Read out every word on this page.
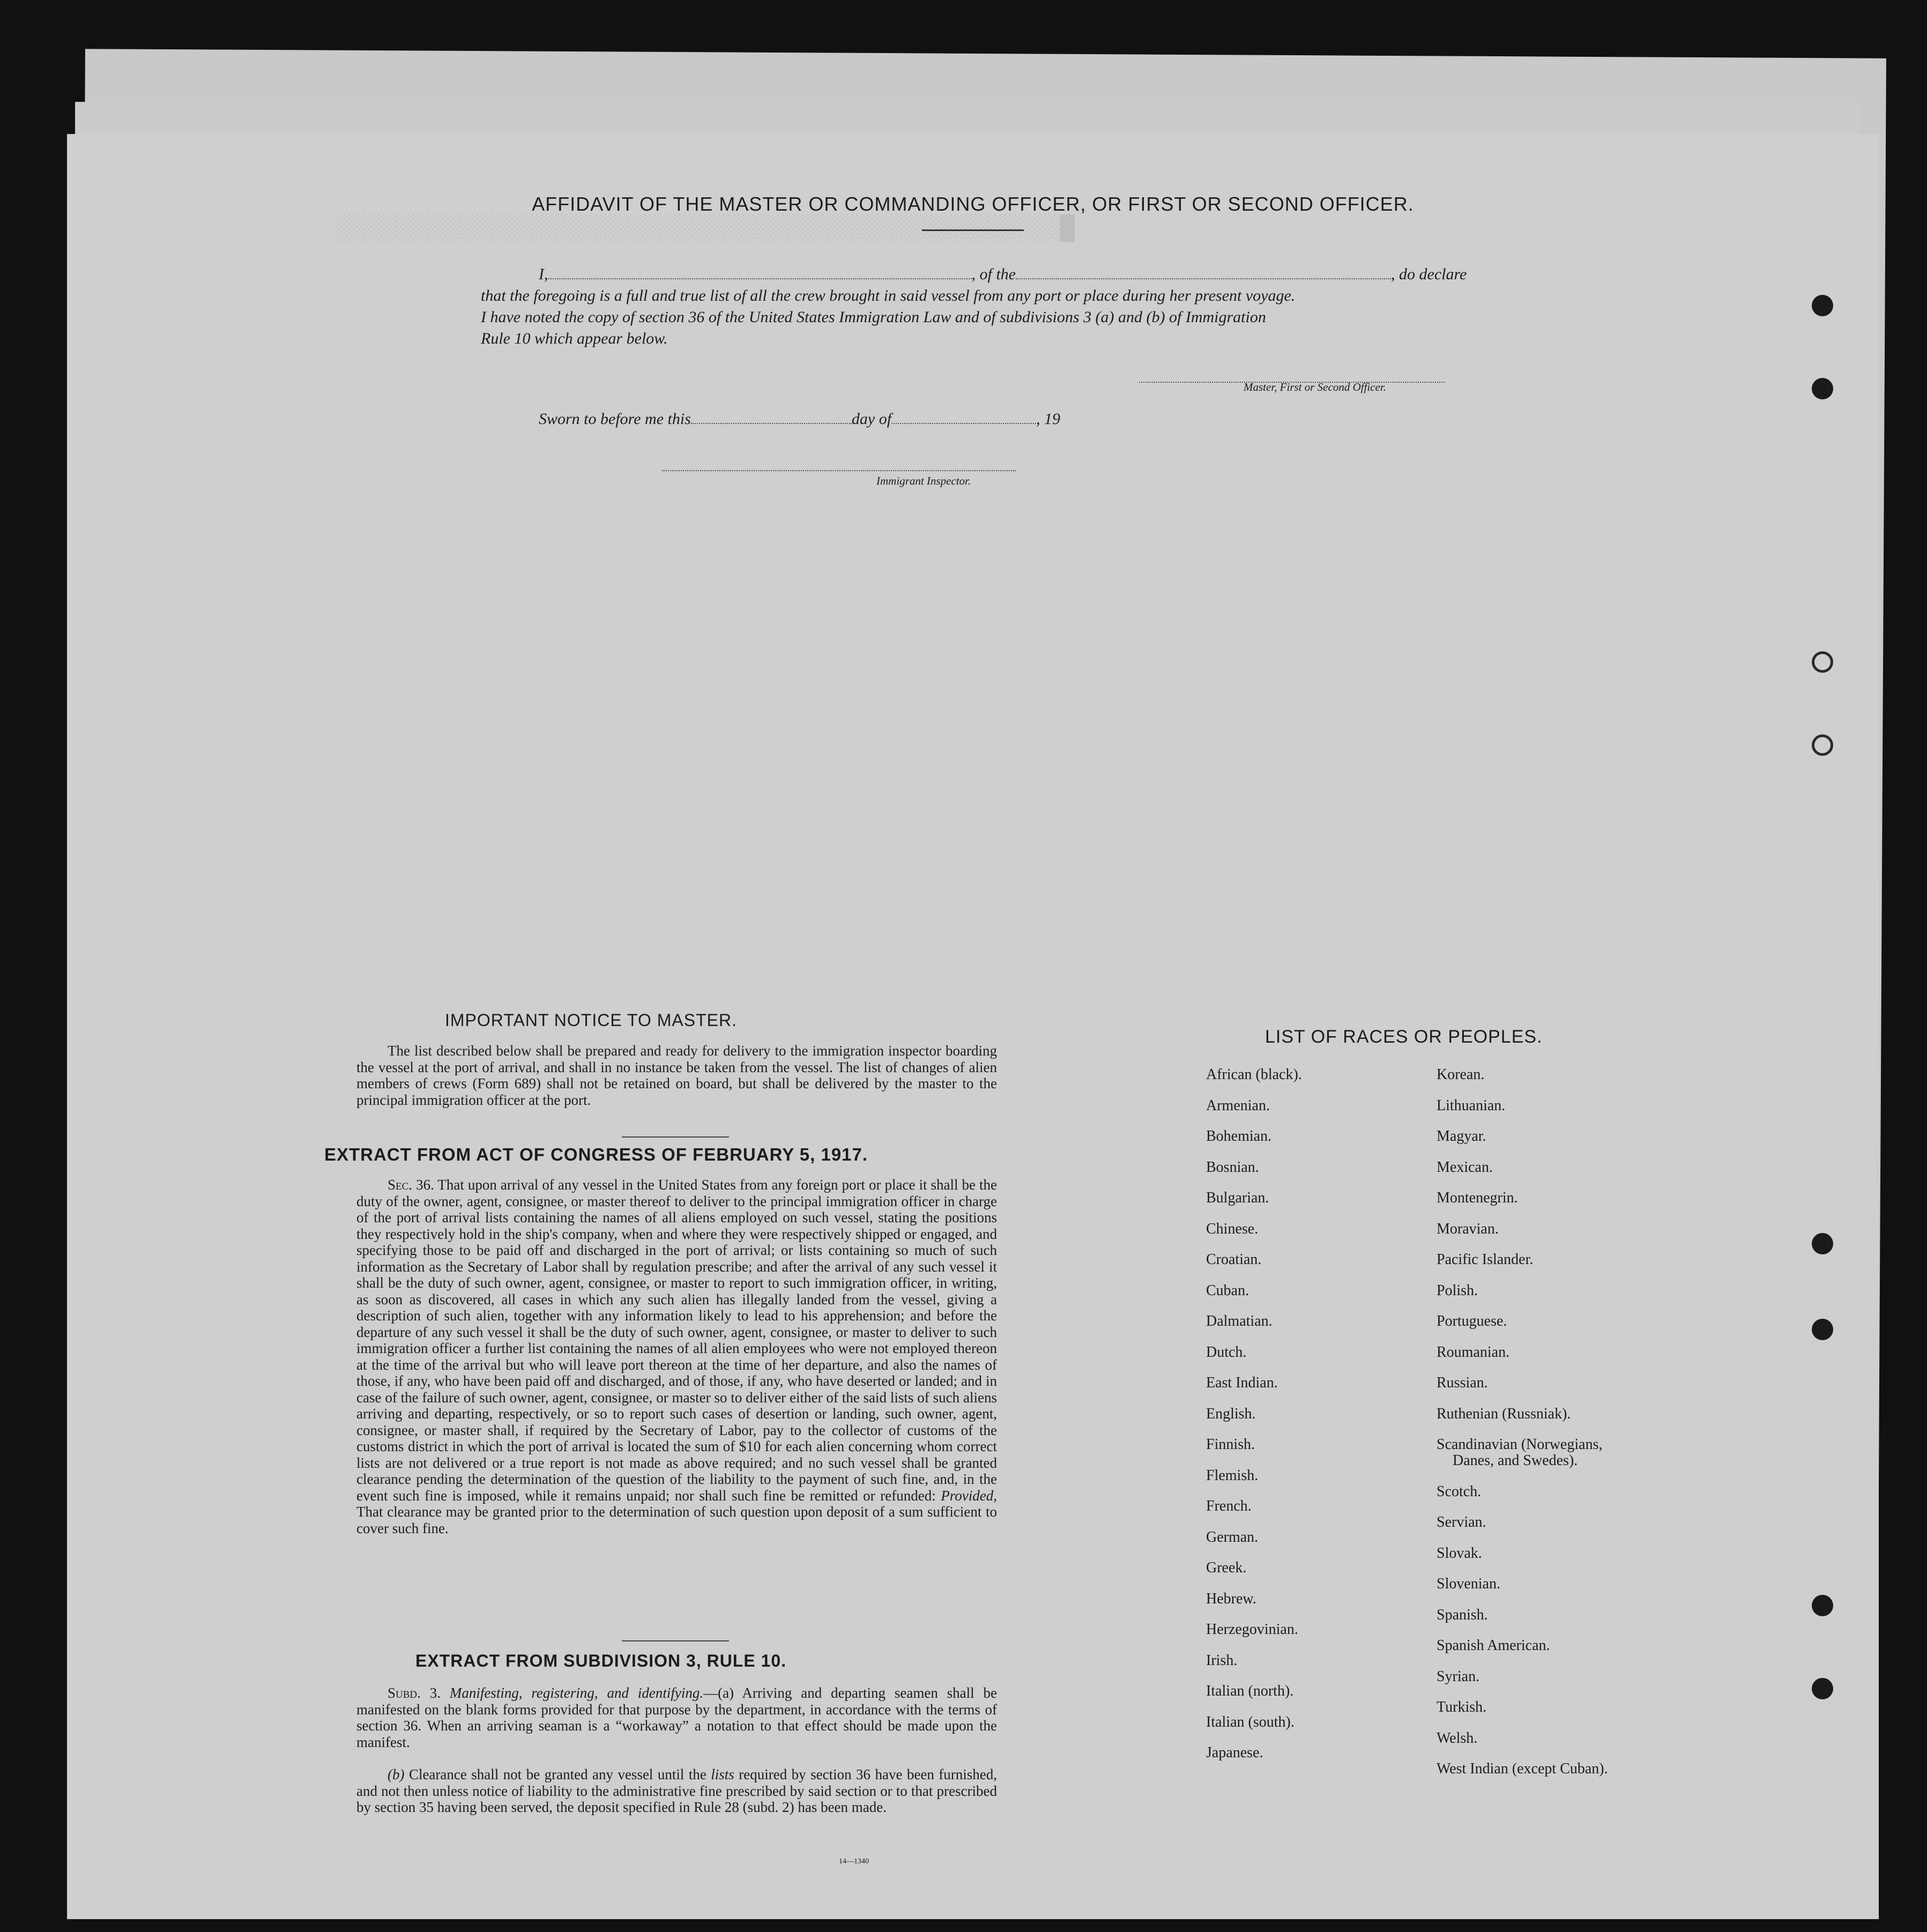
█░░░░░░░░░░░░░░░░░░░░░░░░░░░░░░░░░░░░░░░░░░░░░░░░░
AFFIDAVIT OF THE MASTER OR COMMANDING OFFICER, OR FIRST OR SECOND OFFICER.
I,	, of the	, do declare
that the foregoing is a full and true list of all the crew brought in said vessel from any port or place during her present voyage.
I have noted the copy of section 36 of the United States Immigration Law and of subdivisions 3 (a) and (b) of Immigration
Rule 10 which appear below.
Master, First or Second Officer.
Sworn to before me this	day of	, 19
Immigrant Inspector.
IMPORTANT NOTICE TO MASTER.
The list described below shall be prepared and ready for delivery to the immigration inspector boarding the vessel at the port of arrival, and shall in no instance be taken from the vessel. The list of changes of alien members of crews (Form 689) shall not be retained on board, but shall be delivered by the master to the principal immigration officer at the port.
EXTRACT FROM ACT OF CONGRESS OF FEBRUARY 5, 1917.
Sec. 36. That upon arrival of any vessel in the United States from any foreign port or place it shall be the duty of the owner, agent, consignee, or master thereof to deliver to the principal immigration officer in charge of the port of arrival lists containing the names of all aliens employed on such vessel, stating the positions they respectively hold in the ship's company, when and where they were respectively shipped or engaged, and specifying those to be paid off and discharged in the port of arrival; or lists containing so much of such information as the Secretary of Labor shall by regulation prescribe; and after the arrival of any such vessel it shall be the duty of such owner, agent, consignee, or master to report to such immigration officer, in writing, as soon as discovered, all cases in which any such alien has illegally landed from the vessel, giving a description of such alien, together with any information likely to lead to his apprehension; and before the departure of any such vessel it shall be the duty of such owner, agent, consignee, or master to deliver to such immigration officer a further list containing the names of all alien employees who were not employed thereon at the time of the arrival but who will leave port thereon at the time of her departure, and also the names of those, if any, who have been paid off and discharged, and of those, if any, who have deserted or landed; and in case of the failure of such owner, agent, consignee, or master so to deliver either of the said lists of such aliens arriving and departing, respectively, or so to report such cases of desertion or landing, such owner, agent, consignee, or master shall, if required by the Secretary of Labor, pay to the collector of customs of the customs district in which the port of arrival is located the sum of $10 for each alien concerning whom correct lists are not delivered or a true report is not made as above required; and no such vessel shall be granted clearance pending the determination of the question of the liability to the payment of such fine, and, in the event such fine is imposed, while it remains unpaid; nor shall such fine be remitted or refunded: Provided, That clearance may be granted prior to the determination of such question upon deposit of a sum sufficient to cover such fine.
EXTRACT FROM SUBDIVISION 3, RULE 10.
Subd. 3. Manifesting, registering, and identifying.—(a) Arriving and departing seamen shall be manifested on the blank forms provided for that purpose by the department, in accordance with the terms of section 36. When an arriving seaman is a “workaway” a notation to that effect should be made upon the manifest.
(b) Clearance shall not be granted any vessel until the lists required by section 36 have been furnished, and not then unless notice of liability to the administrative fine prescribed by said section or to that prescribed by section 35 having been served, the deposit specified in Rule 28 (subd. 2) has been made.
14—1340
LIST OF RACES OR PEOPLES.
African (black).
Armenian.
Bohemian.
Bosnian.
Bulgarian.
Chinese.
Croatian.
Cuban.
Dalmatian.
Dutch.
East Indian.
English.
Finnish.
Flemish.
French.
German.
Greek.
Hebrew.
Herzegovinian.
Irish.
Italian (north).
Italian (south).
Japanese.
Korean.
Lithuanian.
Magyar.
Mexican.
Montenegrin.
Moravian.
Pacific Islander.
Polish.
Portuguese.
Roumanian.
Russian.
Ruthenian (Russniak).
Scandinavian (Norwegians,
Danes, and Swedes).
Scotch.
Servian.
Slovak.
Slovenian.
Spanish.
Spanish American.
Syrian.
Turkish.
Welsh.
West Indian (except Cuban).
